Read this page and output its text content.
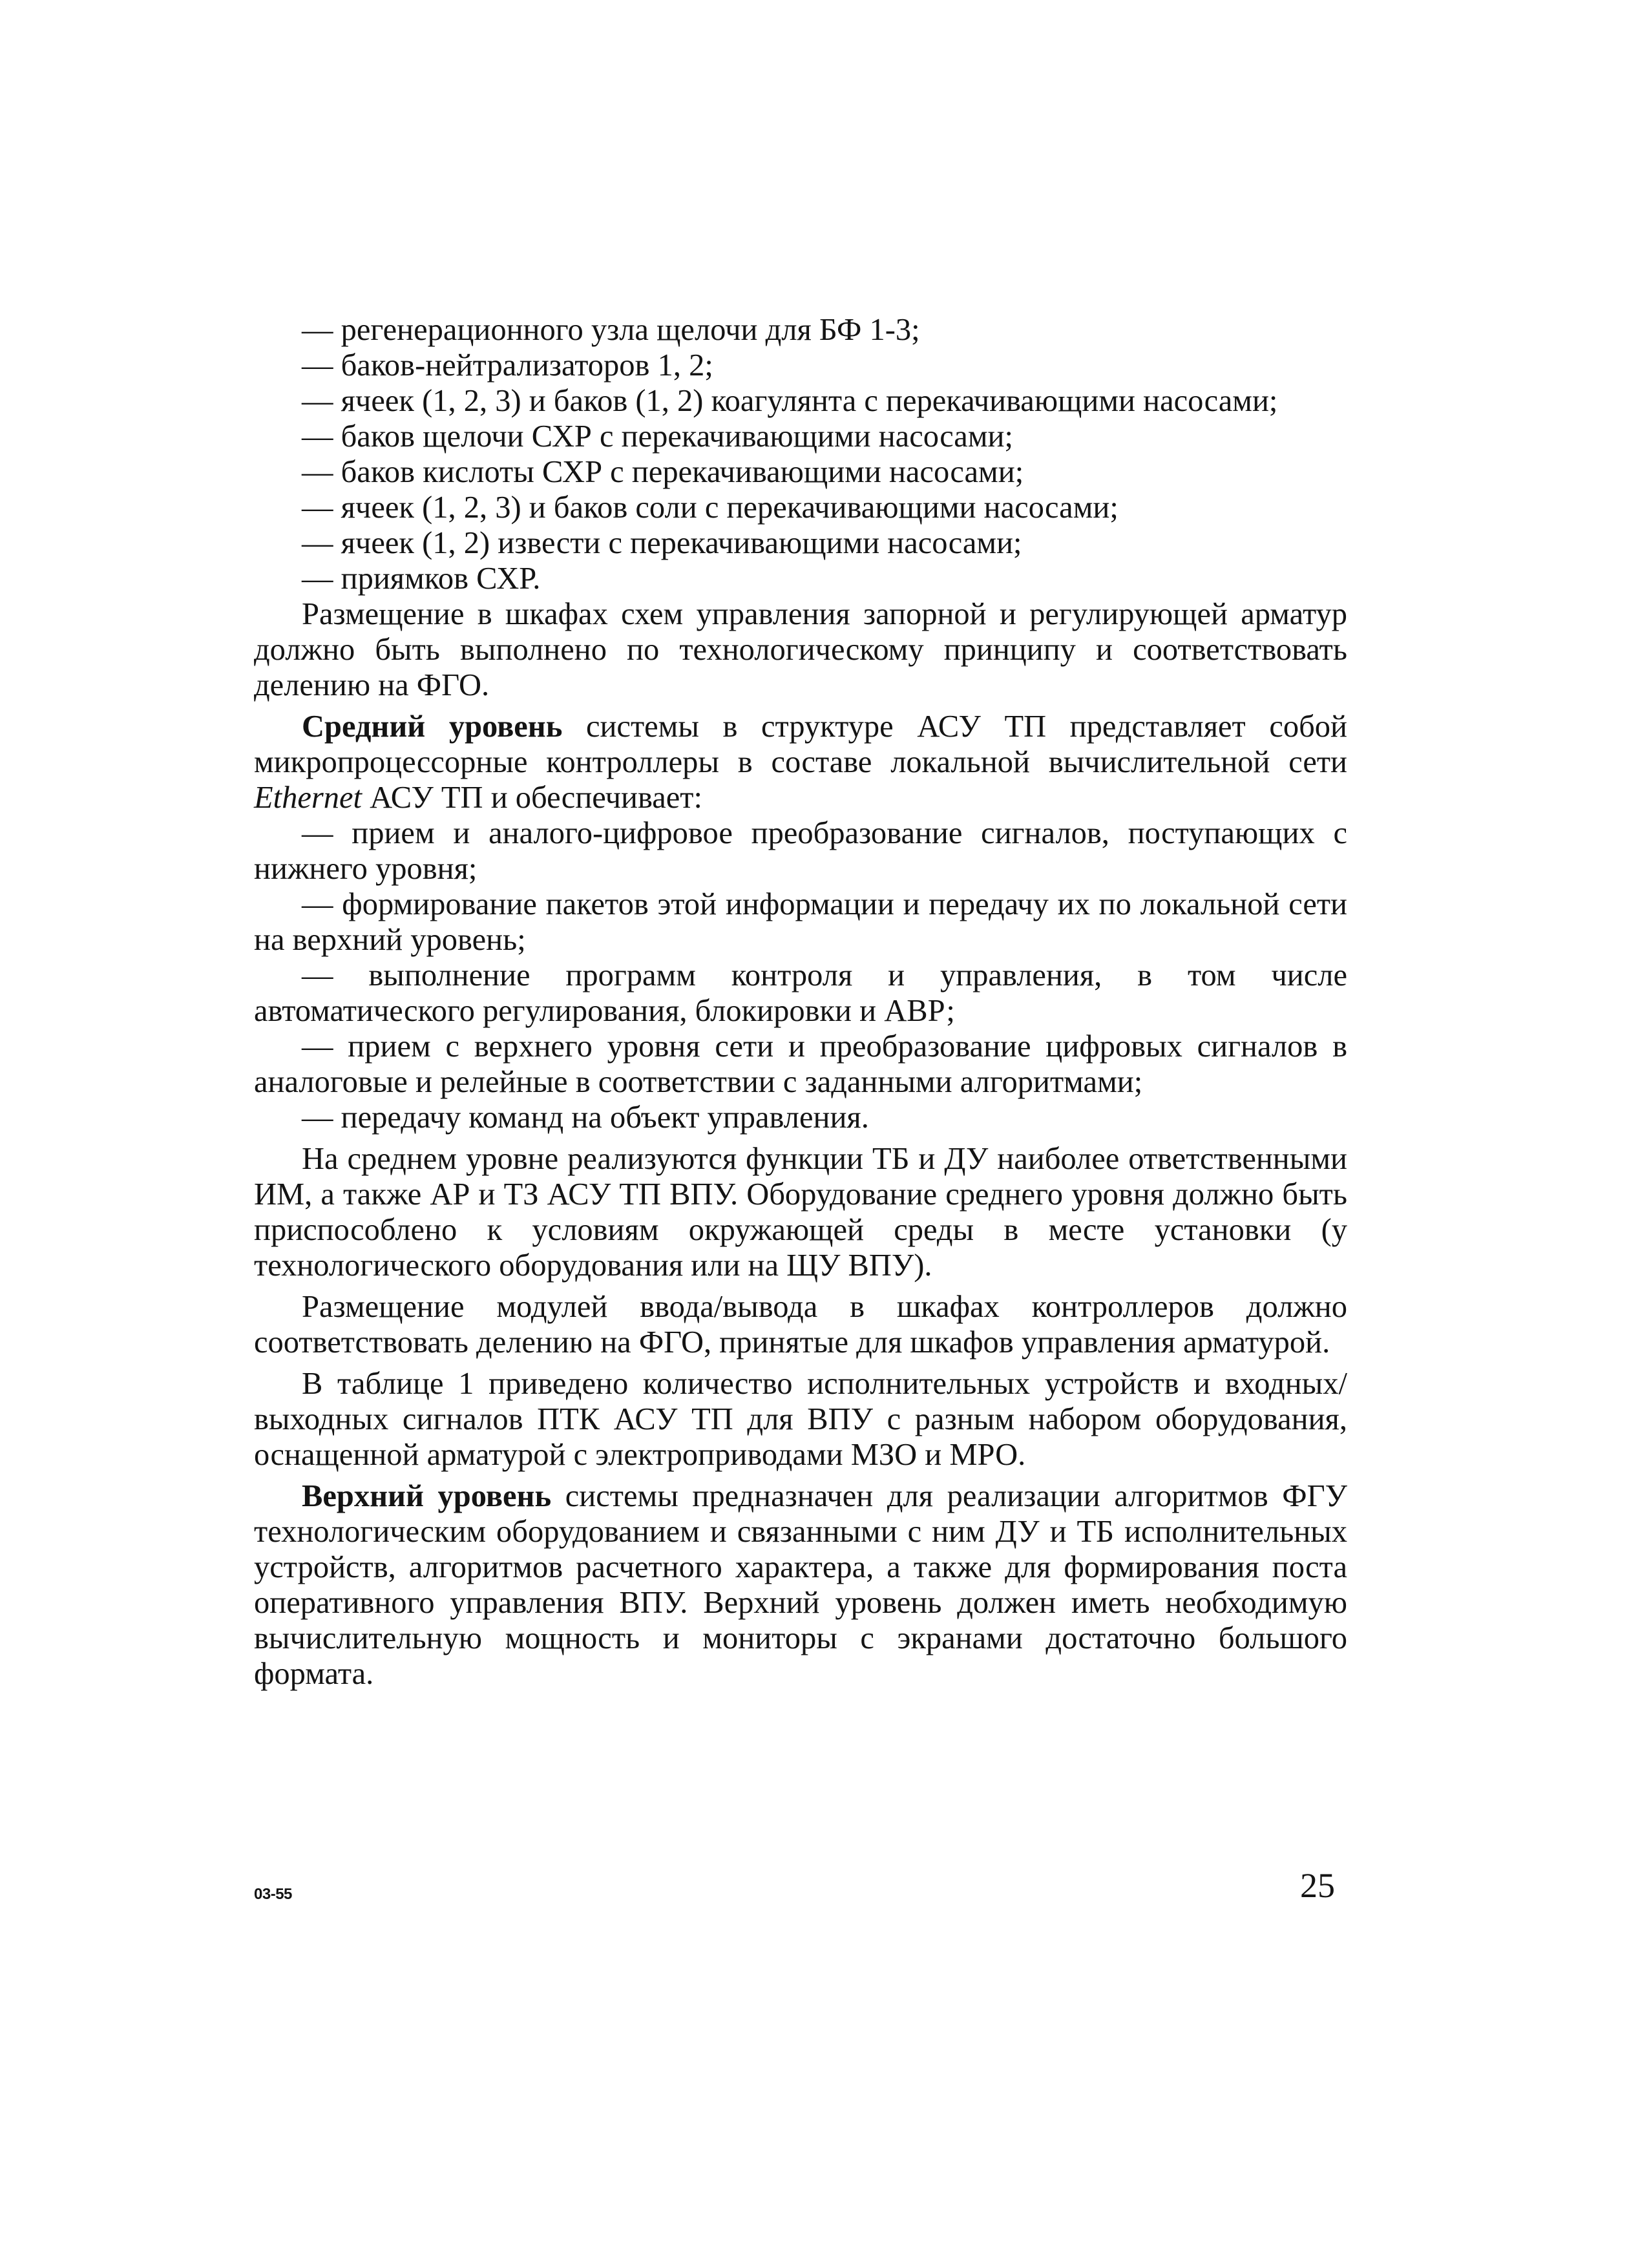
— регенерационного узла щелочи для БФ 1-3;

— баков-нейтрализаторов 1, 2;

— ячеек (1, 2, 3) и баков (1, 2) коагулянта с перекачивающими насосами;

— баков щелочи СХР с перекачивающими насосами;

— баков кислоты СХР с перекачивающими насосами;

— ячеек (1, 2, 3) и баков соли с перекачивающими насосами;

— ячеек (1, 2) извести с перекачивающими насосами;

— приямков СХР.

Размещение в шкафах схем управления запорной и регулирующей арматур должно быть выполнено по технологическому принципу и соответствовать делению на ФГО.

Средний уровень системы в структуре АСУ ТП представляет собой микропроцессорные контроллеры в составе локальной вычислительной сети Ethernet АСУ ТП и обеспечивает:

— прием и аналого-цифровое преобразование сигналов, поступающих с нижнего уровня;

— формирование пакетов этой информации и передачу их по локальной сети на верхний уровень;

— выполнение программ контроля и управления, в том числе автоматического регулирования, блокировки и АВР;

— прием с верхнего уровня сети и преобразование цифровых сигналов в аналоговые и релейные в соответствии с заданными алгоритмами;

— передачу команд на объект управления.

На среднем уровне реализуются функции ТБ и ДУ наиболее ответственными ИМ, а также АР и ТЗ АСУ ТП ВПУ. Оборудование среднего уровня должно быть приспособлено к условиям окружающей среды в месте установки (у технологического оборудования или на ЩУ ВПУ).

Размещение модулей ввода/вывода в шкафах контроллеров должно соответствовать делению на ФГО, принятые для шкафов управления арматурой.

В таблице 1 приведено количество исполнительных устройств и входных/выходных сигналов ПТК АСУ ТП для ВПУ с разным набором оборудования, оснащенной арматурой с электроприводами МЗО и МРО.

Верхний уровень системы предназначен для реализации алгоритмов ФГУ технологическим оборудованием и связанными с ним ДУ и ТБ исполнительных устройств, алгоритмов расчетного характера, а также для формирования поста оперативного управления ВПУ. Верхний уровень должен иметь необходимую вычислительную мощность и мониторы с экранами достаточно большого формата.

03-55	25
